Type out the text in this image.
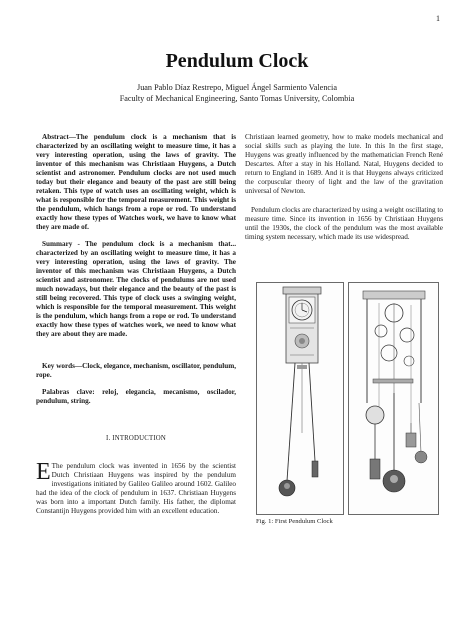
1
Pendulum Clock
Juan Pablo Díaz Restrepo, Miguel Ángel Sarmiento Valencia
Faculty of Mechanical Engineering, Santo Tomas University, Colombia

Abstract—The pendulum clock is a mechanism that is characterized by an oscillating weight to measure time, it has a very interesting operation, using the laws of gravity. The inventor of this mechanism was Christiaan Huygens, a Dutch scientist and astronomer. Pendulum clocks are not used much today but their elegance and beauty of the past are still being retaken. This type of watch uses an oscillating weight, which is what is responsible for the temporal measurement. This weight is the pendulum, which hangs from a rope or rod. To understand exactly how these types of Watches work, we have to know what they are made of.

Summary - The pendulum clock is a mechanism that... characterized by an oscillating weight to measure time, it has a very interesting operation, using the laws of gravity. The inventor of this mechanism was Christiaan Huygens, a Dutch scientist and astronomer. The clocks of pendulums are not used much nowadays, but their elegance and the beauty of the past is still being recovered. This type of clock uses a swinging weight, which is responsible for the temporal measurement. This weight is the pendulum, which hangs from a rope or rod. To understand exactly how these types of watches work, we need to know what they are about they are made.

Key words—Clock, elegance, mechanism, oscillator, pendulum, rope.

Palabras clave: reloj, elegancia, mecanismo, oscilador, pendulum, string.

I. INTRODUCTION
E The pendulum clock was invented in 1656 by the scientist Dutch Christiaan Huygens was inspired by the pendulum investigations initiated by Galileo Galileo around 1602. Galileo had the idea of the clock of pendulum in 1637. Christiaan Huygens was born into a important Dutch family. His father, the diplomat Constantijn Huygens provided him with an excellent education.

Christiaan learned geometry, how to make models mechanical and social skills such as playing the lute. In this In the first stage, Huygens was greatly influenced by the mathematician French René Descartes. After a stay in his Holland. Natal, Huygens decided to return to England in 1689. And it is that Huygens always criticized the corpuscular theory of light and the law of the gravitation universal of Newton.

Pendulum clocks are characterized by using a weight oscillating to measure time. Since its invention in 1656 by Christiaan Huygens until the 1930s, the clock of the pendulum was the most available timing system necessary, which made its use widespread.

Fig. 1: First Pendulum Clock
